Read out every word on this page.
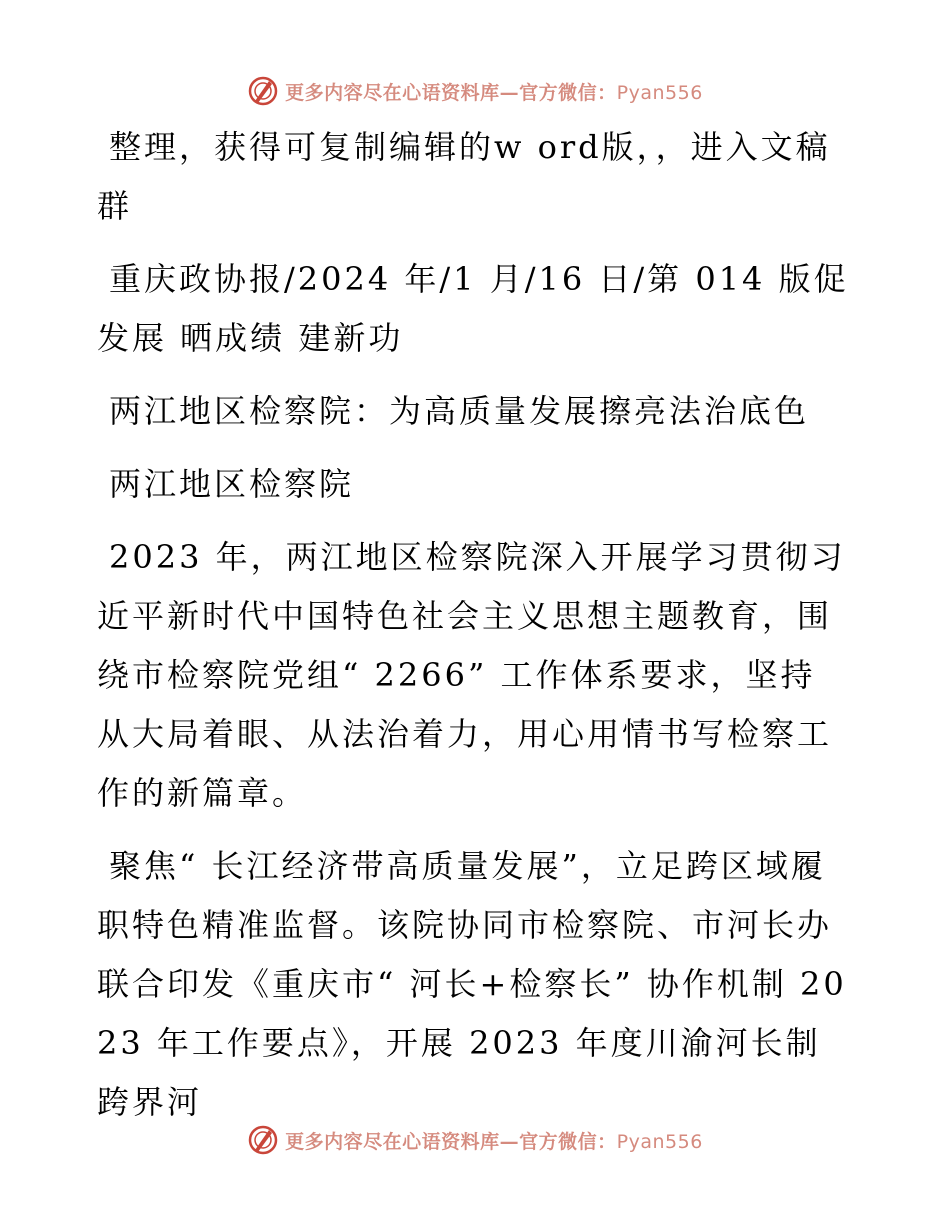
更多内容尽在心语资料库—官方微信：Pyan556

整理，获得可复制编辑的w ord版，，进入文稿群

重庆政协报/2024 年/1 月/16 日/第 014 版促发展 晒成绩 建新功

两江地区检察院：为高质量发展擦亮法治底色

两江地区检察院

2023 年，两江地区检察院深入开展学习贯彻习近平新时代中国特色社会主义思想主题教育，围绕市检察院党组“ 2266” 工作体系要求，坚持从大局着眼、从法治着力，用心用情书写检察工作的新篇章。

聚焦“ 长江经济带高质量发展”，立足跨区域履职特色精准监督。该院协同市检察院、市河长办联合印发《重庆市“ 河长+检察长” 协作机制 2023 年工作要点》，开展 2023 年度川渝河长制跨界河

更多内容尽在心语资料库—官方微信：Pyan556
